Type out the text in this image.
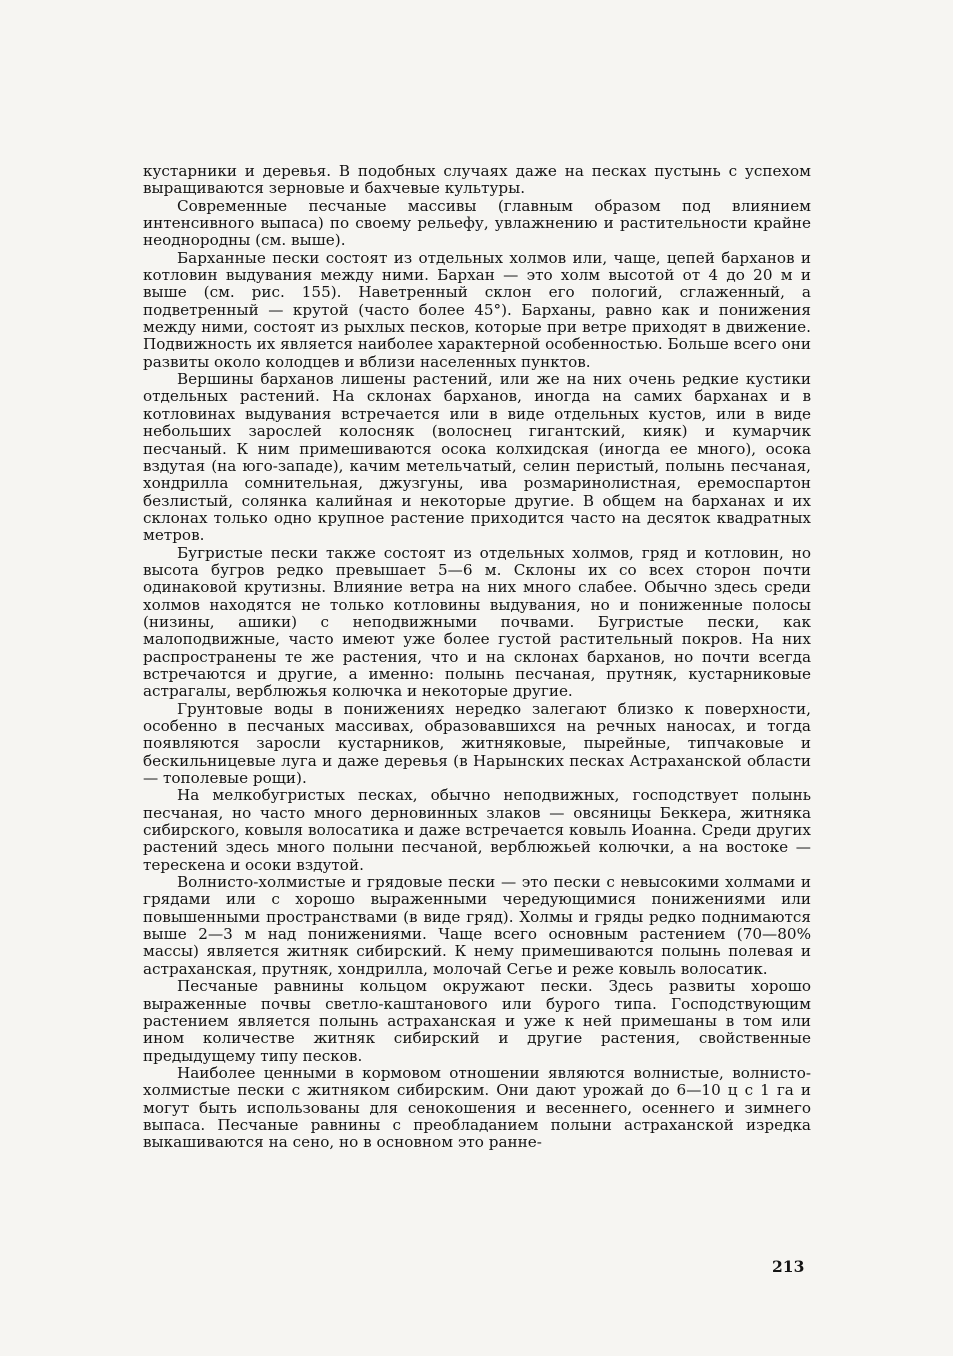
кустарники и деревья. В подобных случаях даже на песках пустынь с успехом выращиваются зерновые и бахчевые культуры.

Современные песчаные массивы (главным образом под влиянием интенсивного выпаса) по своему рельефу, увлажнению и растительности крайне неоднородны (см. выше).

Барханные пески состоят из отдельных холмов или, чаще, цепей барханов и котловин выдувания между ними. Бархан — это холм высотой от 4 до 20 м и выше (см. рис. 155). Наветренный склон его пологий, сглаженный, а подветренный — крутой (часто более 45°). Барханы, равно как и понижения между ними, состоят из рыхлых песков, которые при ветре приходят в движение. Подвижность их является наиболее характерной особенностью. Больше всего они развиты около колодцев и вблизи населенных пунктов.

Вершины барханов лишены растений, или же на них очень редкие кустики отдельных растений. На склонах барханов, иногда на самих барханах и в котловинах выдувания встречается или в виде отдельных кустов, или в виде небольших зарослей колосняк (волоснец гигантский, кияк) и кумарчик песчаный. К ним примешиваются осока колхидская (иногда ее много), осока вздутая (на юго-западе), качим метельчатый, селин перистый, полынь песчаная, хондрилла сомнительная, джузгуны, ива розмаринолистная, еремоспартон безлистый, солянка калийная и некоторые другие. В общем на барханах и их склонах только одно крупное растение приходится часто на десяток квадратных метров.

Бугристые пески также состоят из отдельных холмов, гряд и котловин, но высота бугров редко превышает 5—6 м. Склоны их со всех сторон почти одинаковой крутизны. Влияние ветра на них много слабее. Обычно здесь среди холмов находятся не только котловины выдувания, но и пониженные полосы (низины, ашики) с неподвижными почвами. Бугристые пески, как малоподвижные, часто имеют уже более густой растительный покров. На них распространены те же растения, что и на склонах барханов, но почти всегда встречаются и другие, а именно: полынь песчаная, прутняк, кустарниковые астрагалы, верблюжья колючка и некоторые другие.

Грунтовые воды в понижениях нередко залегают близко к поверхности, особенно в песчаных массивах, образовавшихся на речных наносах, и тогда появляются заросли кустарников, житняковые, пырейные, типчаковые и бескильницевые луга и даже деревья (в Нарынских песках Астраханской области — тополевые рощи).

На мелкобугристых песках, обычно неподвижных, господствует полынь песчаная, но часто много дерновинных злаков — овсяницы Беккера, житняка сибирского, ковыля волосатика и даже встречается ковыль Иоанна. Среди других растений здесь много полыни песчаной, верблюжьей колючки, а на востоке — терескена и осоки вздутой.

Волнисто-холмистые и грядовые пески — это пески с невысокими холмами и грядами или с хорошо выраженными чередующимися понижениями или повышенными пространствами (в виде гряд). Холмы и гряды редко поднимаются выше 2—3 м над понижениями. Чаще всего основным растением (70—80% массы) является житняк сибирский. К нему примешиваются полынь полевая и астраханская, прутняк, хондрилла, молочай Сегье и реже ковыль волосатик.

Песчаные равнины кольцом окружают пески. Здесь развиты хорошо выраженные почвы светло-каштанового или бурого типа. Господствующим растением является полынь астраханская и уже к ней примешаны в том или ином количестве житняк сибирский и другие растения, свойственные предыдущему типу песков.

Наиболее ценными в кормовом отношении являются волнистые, волнисто-холмистые пески с житняком сибирским. Они дают урожай до 6—10 ц с 1 га и могут быть использованы для сенокошения и весеннего, осеннего и зимнего выпаса. Песчаные равнины с преобладанием полыни астраханской изредка выкашиваются на сено, но в основном это ранне-

213
